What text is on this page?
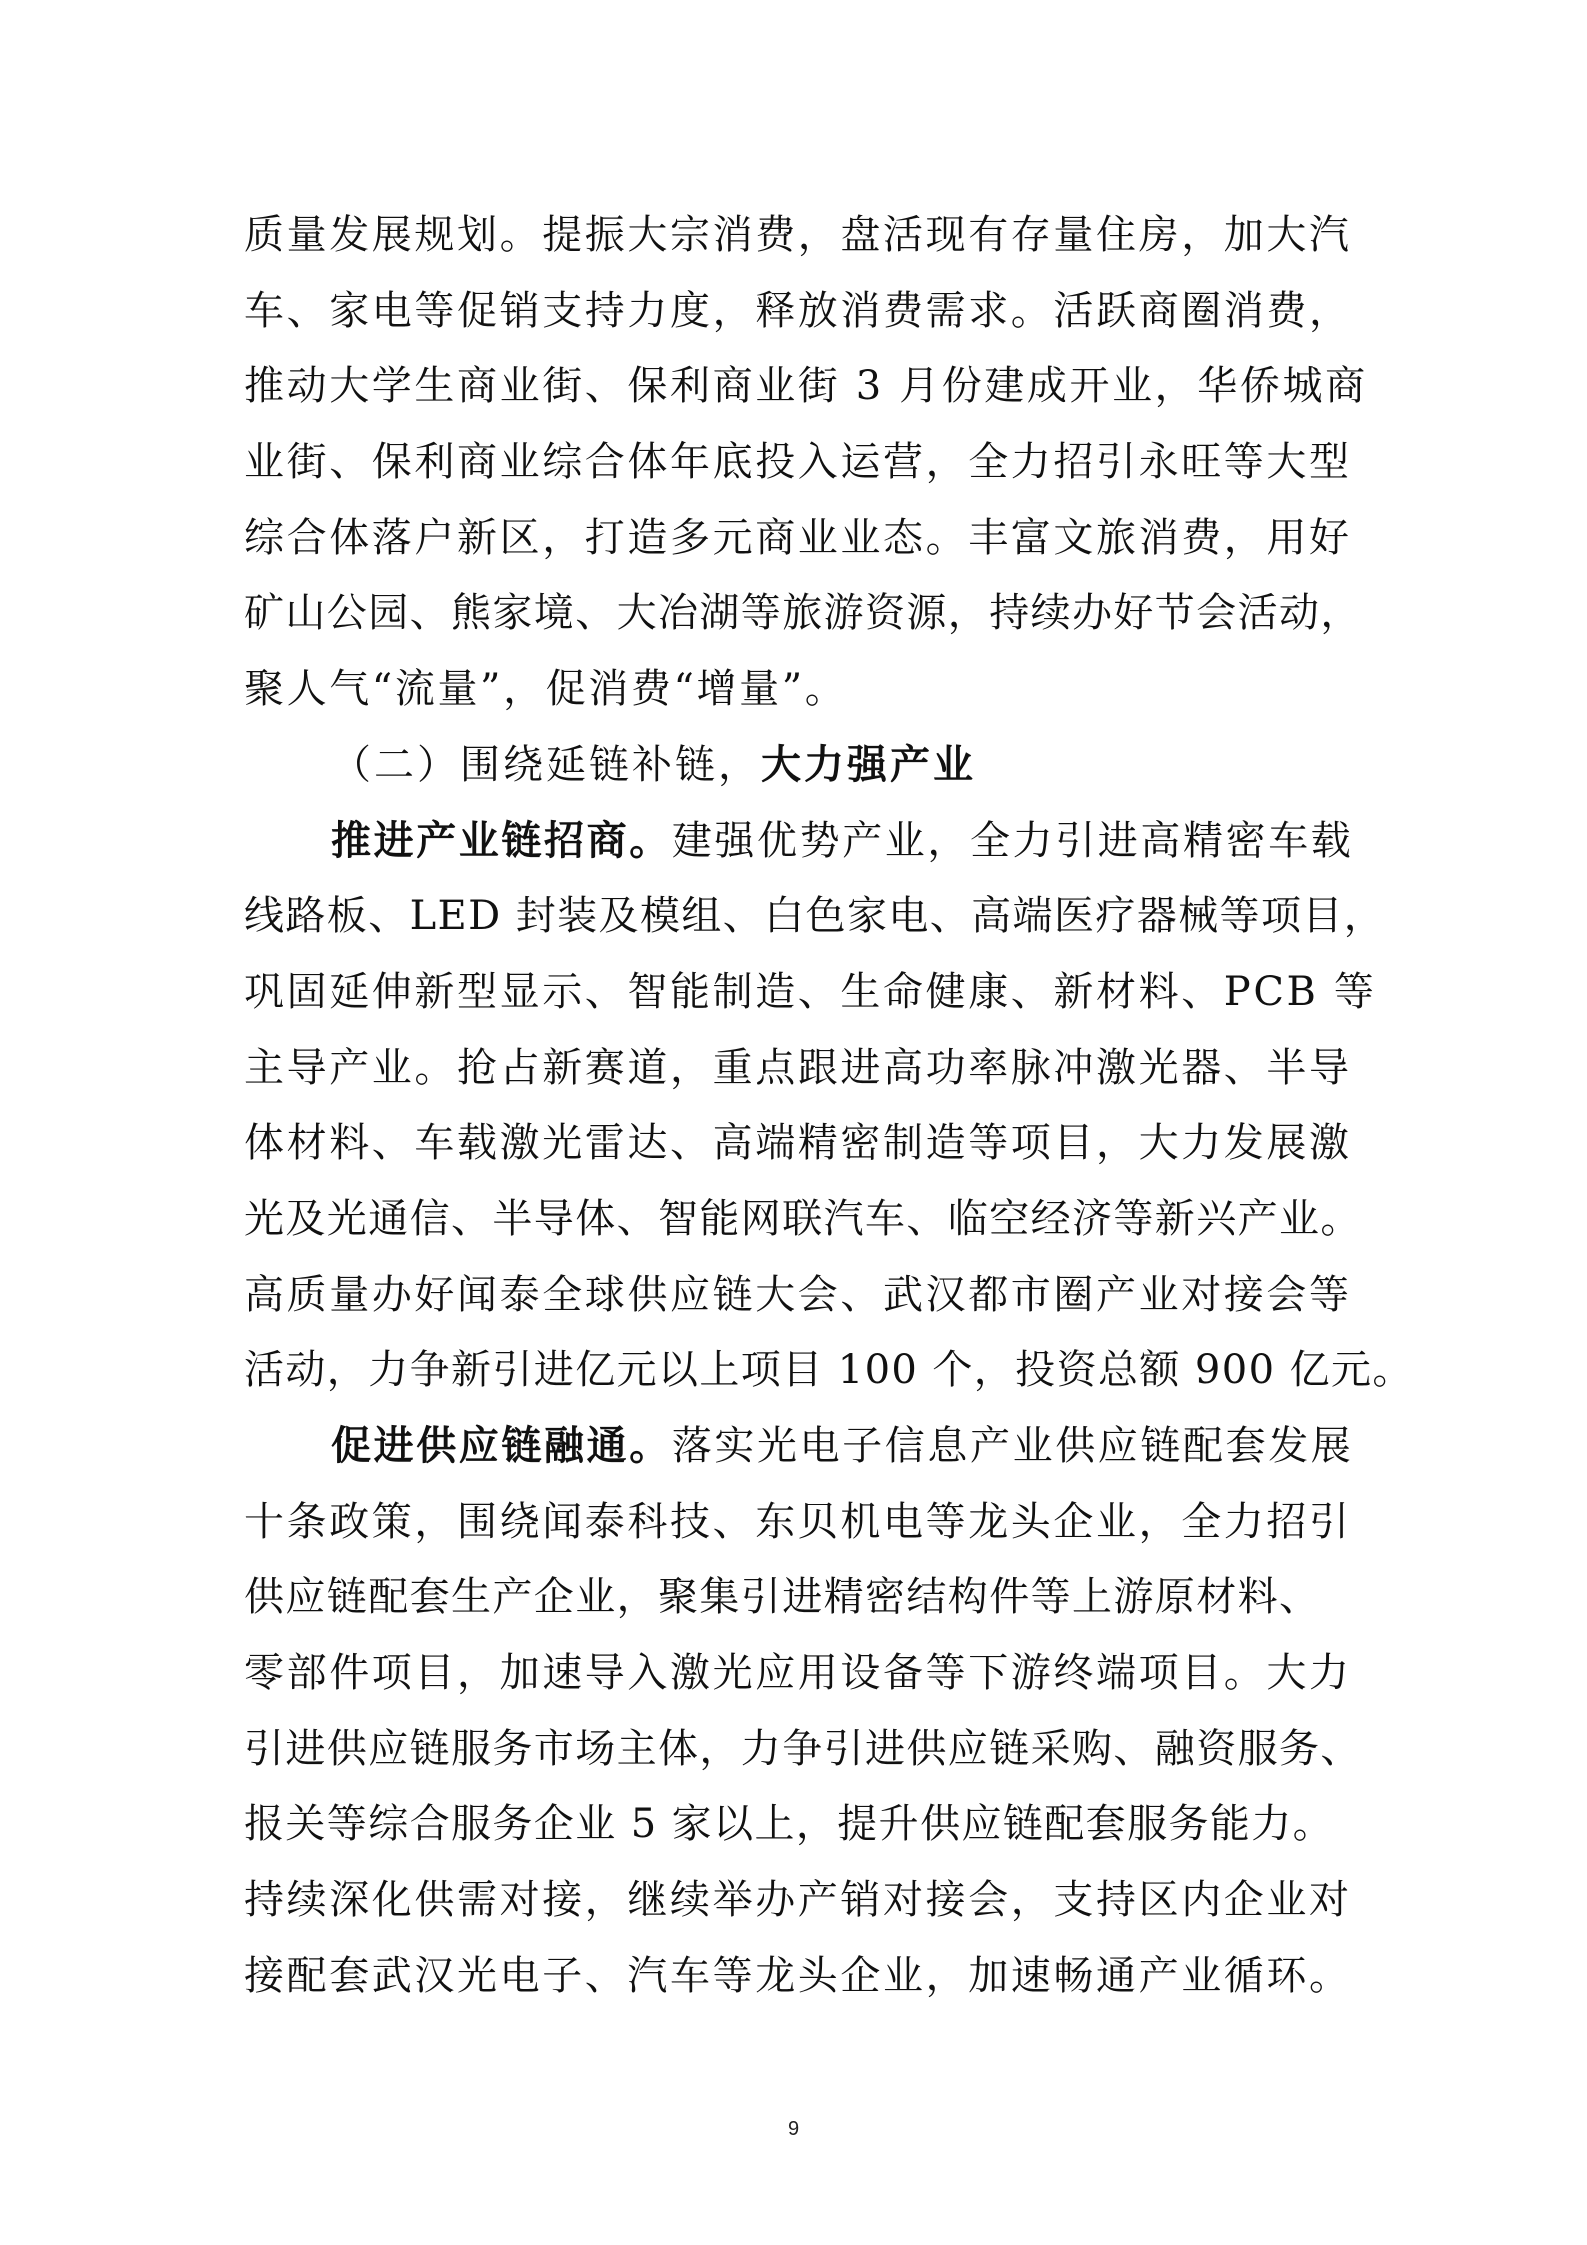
质量发展规划。提振大宗消费，盘活现有存量住房，加大汽
车、家电等促销支持力度，释放消费需求。活跃商圈消费，
推动大学生商业街、保利商业街 3 月份建成开业，华侨城商
业街、保利商业综合体年底投入运营，全力招引永旺等大型
综合体落户新区，打造多元商业业态。丰富文旅消费，用好
矿山公园、熊家境、大冶湖等旅游资源，持续办好节会活动，
聚人气“流量”，促消费“增量”。
（二）围绕延链补链，大力强产业
推进产业链招商。建强优势产业，全力引进高精密车载
线路板、LED 封装及模组、白色家电、高端医疗器械等项目，
巩固延伸新型显示、智能制造、生命健康、新材料、PCB 等
主导产业。抢占新赛道，重点跟进高功率脉冲激光器、半导
体材料、车载激光雷达、高端精密制造等项目，大力发展激
光及光通信、半导体、智能网联汽车、临空经济等新兴产业。
高质量办好闻泰全球供应链大会、武汉都市圈产业对接会等
活动，力争新引进亿元以上项目 100 个，投资总额 900 亿元。
促进供应链融通。落实光电子信息产业供应链配套发展
十条政策，围绕闻泰科技、东贝机电等龙头企业，全力招引
供应链配套生产企业，聚集引进精密结构件等上游原材料、
零部件项目，加速导入激光应用设备等下游终端项目。大力
引进供应链服务市场主体，力争引进供应链采购、融资服务、
报关等综合服务企业 5 家以上，提升供应链配套服务能力。
持续深化供需对接，继续举办产销对接会，支持区内企业对
接配套武汉光电子、汽车等龙头企业，加速畅通产业循环。
9
